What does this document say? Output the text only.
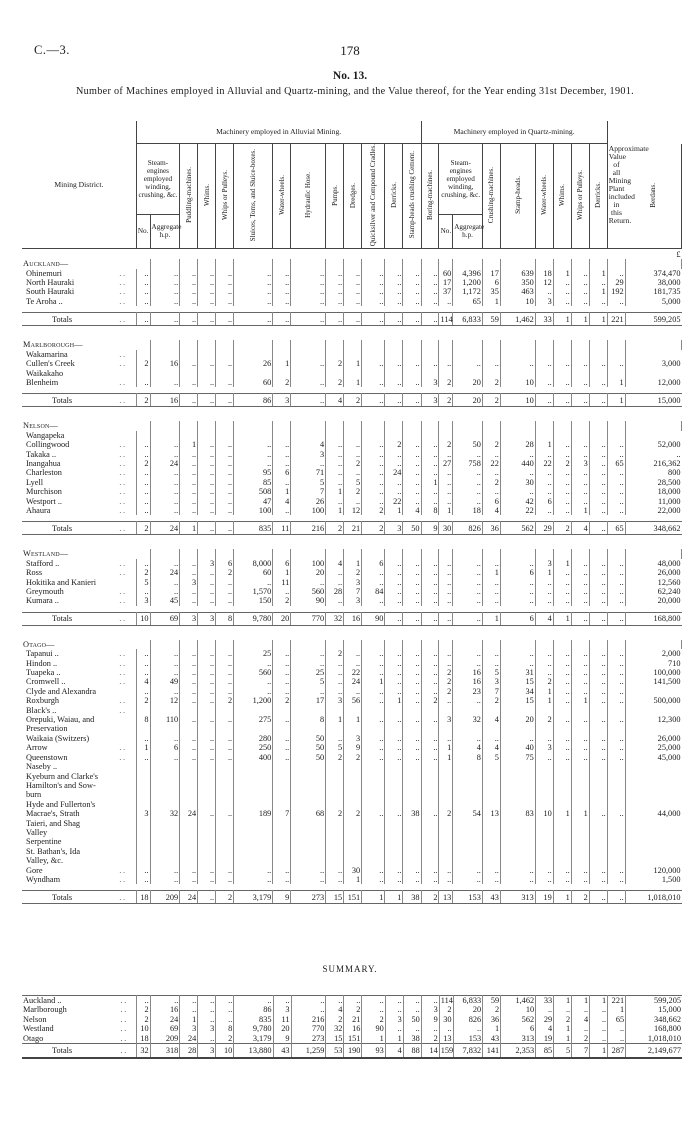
C.—3.	178
No. 13.
Number of Machines employed in Alluvial and Quartz-mining, and the Value thereof, for the Year ending 31st December, 1901.
Mining District.		Machinery employed in Alluvial Mining.													Machinery employed in Quartz-mining.									Approximate Value of all Mining Plant included in this Return.	
		Steam-engines employed winding, crushing, &c.		Puddling-machines.	Whims.	Whips or Pulleys.	Sluices, Toms, and Sluice-boxes.	Water-wheels.	Hydraulic Hose.	Pumps.	Dredges.	Quicksilver and Compound Cradles.	Derricks.	Stamp-heads crushing Cement.	Boring-machines.	Steam-engines employed winding, crushing, &c.		Crushing-machines.	Stamp-heads.	Water-wheels.	Whims.	Whips or Pulleys.	Derricks.		Berdans.
		No.	Aggregate h.p.													No.	Aggregate h.p.								
£																									
Auckland—																									
Ohinemuri	. .	..	..	..	..	..	..	..	..	..	..	..	..	..	..	60	4,396	17	639	18	1	..	1	..	374,470
North Hauraki	. .	..	..	..	..	..	..	..	..	..	..	..	..	..	..	17	1,200	6	350	12	..	..	..	29	38,000
South Hauraki	. .	..	..	..	..	..	..	..	..	..	..	..	..	..	..	37	1,172	35	463	..	..	..	1	192	181,735
Te Aroha ..	. .	..	..	..	..	..	..	..	..	..	..	..	..	..	..	..	65	1	10	3	..	..	..	..	5,000

Totals	. .	..	..	..	..	..	..	..	..	..	..	..	..	..	..	114	6,833	59	1,462	33	1	1	1	221	599,205

Marlborough—																									
Wakamarina	. .																								
Cullen's Creek	. .	2	16	..	..	..	26	1	..	2	1	..	..	..	..	..	..	..	..	..	..	..	..	..	3,000
Waikakaho																									
Blenheim	. .	..	..	..	..	..	60	2	..	2	1	..	..	..	3	2	20	2	10	..	..	..	..	1	12,000

Totals	. .	2	16	..	..	..	86	3	..	4	2	..	..	..	3	2	20	2	10	..	..	..	..	1	15,000

Nelson—																									
Wangapeka																									
Collingwood	. .	..	..	1	..	..	..	..	4	..	..	..	2	..	..	2	50	2	28	1	..	..	..	..	52,000
Takaka ..	. .	..	..	..	..	..	..	..	3	..	..	..	..	..	..	..	..	..	..	..	..	..	..	..	..
Inangahua	. .	2	24	..	..	..	..	..	..	..	2	..	..	..	..	27	758	22	440	22	2	3	..	65	216,362
Charleston	. .	..	..	..	..	..	95	6	71	..	..	..	24	..	..	..	..	..	..	..	..	..	..	..	800
Lyell	. .	..	..	..	..	..	85	..	5	..	5	..	..	..	1	..	..	2	30	..	..	..	..	..	28,500
Murchison	. .	..	..	..	..	..	508	1	7	1	2	..	..	..	..	..	..	..	..	..	..	..	..	..	18,000
Westport ..	. .	..	..	..	..	..	47	4	26	..	..	..	22	..	..	..	..	6	42	6	..	..	..	..	11,000
Ahaura	. .	..	..	..	..	..	100	..	100	1	12	2	1	4	8	1	18	4	22	..	..	1	..	..	22,000

Totals	. .	2	24	1	..	..	835	11	216	2	21	2	3	50	9	30	826	36	562	29	2	4	..	65	348,662

Westland—																									
Stafford ..	. .	..	..	..	3	6	8,000	6	100	4	1	6	..	..	..	..	..	..	..	3	1	..	..	..	48,000
Ross	. .	2	24	..	..	2	60	1	20	..	2	..	..	..	..	..	..	1	6	1	..	..	..	..	26,000
Hokitika and Kanieri		5	..	3	..	..	..	11	..	..	3	..	..	..	..	..	..	..	..	..	..	..	..	..	12,560
Greymouth	. .	..	..	..	..	..	1,570	..	560	28	7	84	..	..	..	..	..	..	..	..	..	..	..	..	62,240
Kumara ..	. .	3	45	..	..	..	150	2	90	..	3	..	..	..	..	..	..	..	..	..	..	..	..	..	20,000

Totals	. .	10	69	3	3	8	9,780	20	770	32	16	90	..	..	..	..	..	1	6	4	1	..	..	..	168,800

Otago—																									
Tapanui ..	. .	..	..	..	..	..	25	..	..	2	..	..	..	..	..	..	..	..	..	..	..	..	..	..	2,000
Hindon ..	. .	..	..	..	..	..	..	..	..	..	..	..	..	..	..	..	..	..	..	..	..	..	..	..	710
Tuapeka ..	. .	..	..	..	..	..	560	..	25	..	22	..	..	..	..	2	16	5	31	..	..	..	..	..	100,000
Cromwell ..	. .	4	49	..	..	..	..	..	5	..	24	1	..	..	..	2	16	3	15	2	..	..	..	..	141,500
Clyde and Alexandra		..	..	..	..	..	..	..	..	..	..	..	..	..	..	2	23	7	34	1	..	..	..	..	
Roxburgh	. .	2	12	..	..	2	1,200	2	17	3	56	..	1	..	2	..	..	2	15	1	..	1	..	..	500,000
Black's ..	. .																								
Orepuki, Waiau, and		8	110	..	..	..	275	..	8	1	1	..	..	..	..	3	32	4	20	2	..	..	..	..	12,300
Preservation																									
Waikaia (Switzers)		..	..	..	..	..	280	..	50	..	3	..	..	..	..	..	..	..	..	..	..	..	..	..	26,000
Arrow	. .	1	6	..	..	..	250	..	50	5	9	..	..	..	..	1	4	4	40	3	..	..	..	..	25,000
Queenstown	. .	..	..	..	..	..	400	..	50	2	2	..	..	..	..	1	8	5	75	..	..	..	..	..	45,000
Naseby ..																									
Kyeburn and Clarke's																									
Hamilton's and Sow-																									
burn																									
Hyde and Fullerton's																									
Macrae's, Strath		3	32	24	..	..	189	7	68	2	2	..	..	38	..	2	54	13	83	10	1	1	..	..	44,000
Taieri, and Shag																									
Valley																									
Serpentine																									
St. Bathan's, Ida																									
Valley, &c.																									
Gore	. .	..	..	..	..	..	..	..	..	..	30	..	..	..	..	..	..	..	..	..	..	..	..	..	120,000
Wyndham	. .	..	..	..	..	..	..	..	..	..	1	..	..	..	..	..	..	..	..	..	..	..	..	..	1,500

Totals	. .	18	209	24	..	2	3,179	9	273	15	151	1	1	38	2	13	153	43	313	19	1	2	..	..	1,018,010
SUMMARY.
Auckland ..	. .	..	..	..	..	..	..	..	..	..	..	..	..	..	..	114	6,833	59	1,462	33	1	1	1	221	599,205
Marlborough	. .	2	16	..	..	..	86	3	..	4	2	..	..	..	3	2	20	2	10	..	..	..	..	1	15,000
Nelson	. .	2	24	1	..	..	835	11	216	2	21	2	3	50	9	30	826	36	562	29	2	4	..	65	348,662
Westland	. .	10	69	3	3	8	9,780	20	770	32	16	90	..	..	..	..	..	1	6	4	1	..	..	..	168,800
Otago	. .	18	209	24	..	2	3,179	9	273	15	151	1	1	38	2	13	153	43	313	19	1	2	..	..	1,018,010
Totals	. .	32	318	28	3	10	13,880	43	1,259	53	190	93	4	88	14	159	7,832	141	2,353	85	5	7	1	287	2,149,677
